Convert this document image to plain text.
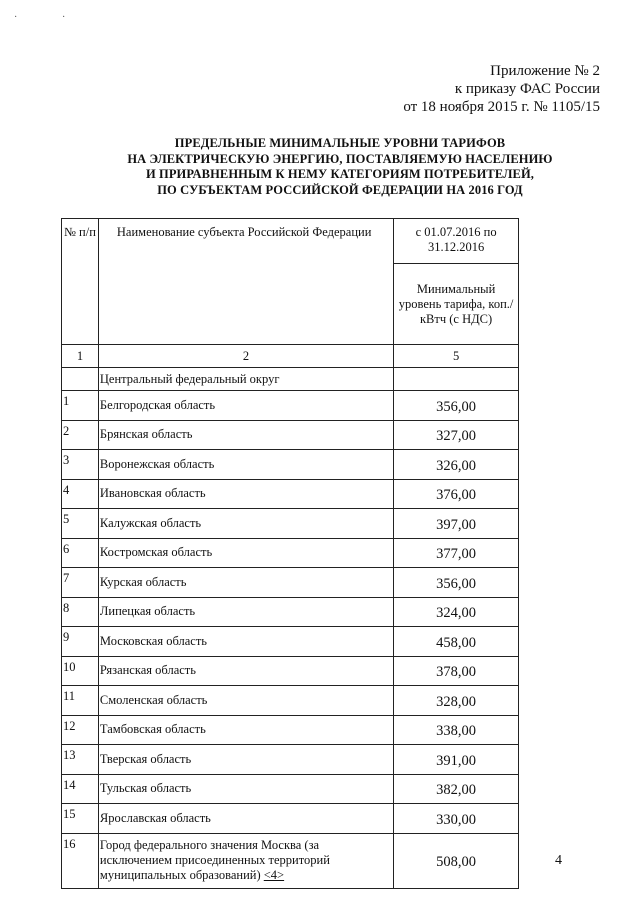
·	·
Приложение № 2
к приказу ФАС России
от 18 ноября 2015 г. № 1105/15
ПРЕДЕЛЬНЫЕ МИНИМАЛЬНЫЕ УРОВНИ ТАРИФОВ
НА ЭЛЕКТРИЧЕСКУЮ ЭНЕРГИЮ, ПОСТАВЛЯЕМУЮ НАСЕЛЕНИЮ
И ПРИРАВНЕННЫМ К НЕМУ КАТЕГОРИЯМ ПОТРЕБИТЕЛЕЙ,
ПО СУБЪЕКТАМ РОССИЙСКОЙ ФЕДЕРАЦИИ НА 2016 ГОД
№ п/п	Наименование субъекта Российской Федерации	с 01.07.2016 по 31.12.2016
		Минимальный уровень тарифа, коп./кВтч (с НДС)
1	2	5
	Центральный федеральный округ	
1	Белгородская область	356,00
2	Брянская область	327,00
3	Воронежская область	326,00
4	Ивановская область	376,00
5	Калужская область	397,00
6	Костромская область	377,00
7	Курская область	356,00
8	Липецкая область	324,00
9	Московская область	458,00
10	Рязанская область	378,00
11	Смоленская область	328,00
12	Тамбовская область	338,00
13	Тверская область	391,00
14	Тульская область	382,00
15	Ярославская область	330,00
16	Город федерального значения Москва (за исключением присоединенных территорий муниципальных образований) <4>	508,00	4
